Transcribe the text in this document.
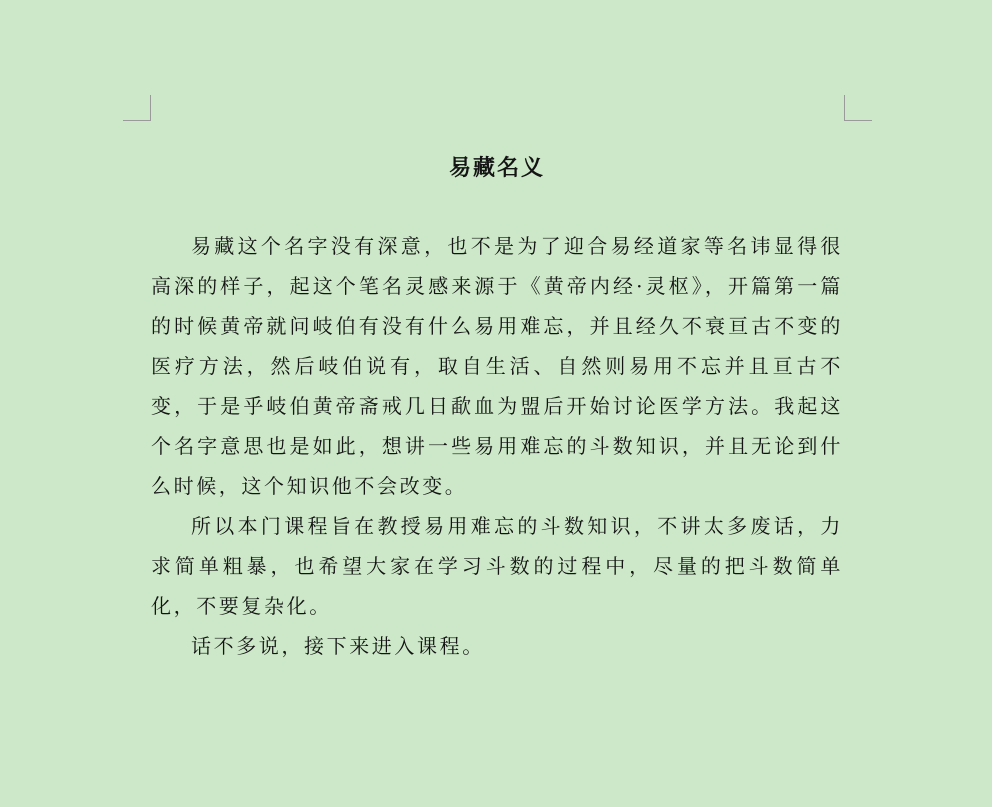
易藏名义

易藏这个名字没有深意，也不是为了迎合易经道家等名讳显得很高深的样子，起这个笔名灵感来源于《黄帝内经·灵枢》，开篇第一篇的时候黄帝就问岐伯有没有什么易用难忘，并且经久不衰亘古不变的医疗方法，然后岐伯说有，取自生活、自然则易用不忘并且亘古不变，于是乎岐伯黄帝斋戒几日歃血为盟后开始讨论医学方法。我起这个名字意思也是如此，想讲一些易用难忘的斗数知识，并且无论到什么时候，这个知识他不会改变。

所以本门课程旨在教授易用难忘的斗数知识，不讲太多废话，力求简单粗暴，也希望大家在学习斗数的过程中，尽量的把斗数简单化，不要复杂化。

话不多说，接下来进入课程。
